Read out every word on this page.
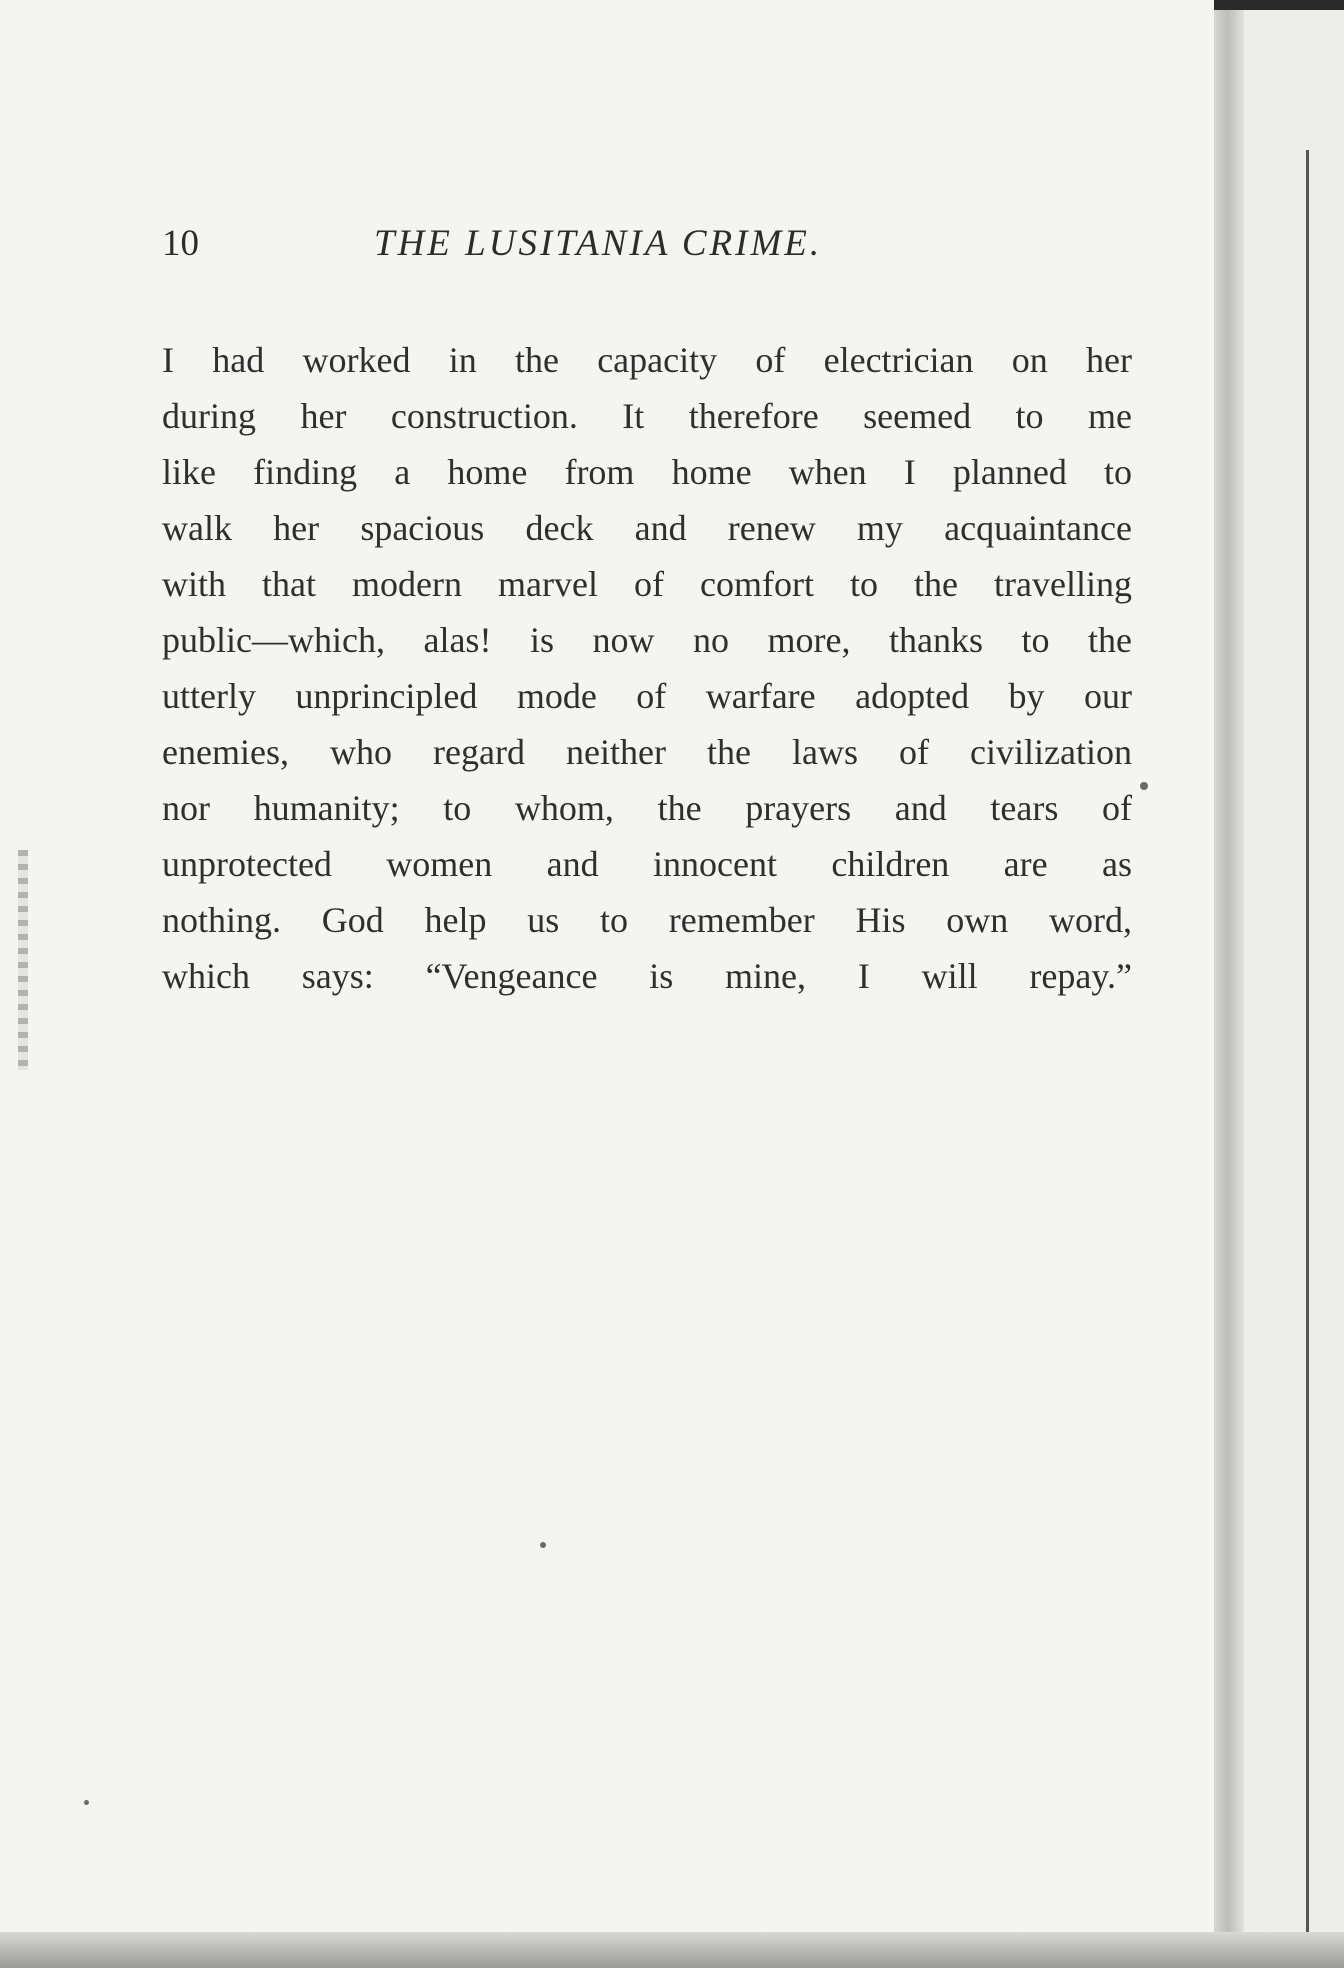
10	THE LUSITANIA CRIME.
I had worked in the capacity of electrician on her
during her construction. It therefore seemed to me
like finding a home from home when I planned to
walk her spacious deck and renew my acquaintance
with that modern marvel of comfort to the travelling
public—which, alas! is now no more, thanks to the
utterly unprincipled mode of warfare adopted by our
enemies, who regard neither the laws of civilization
nor humanity; to whom, the prayers and tears of
unprotected women and innocent children are as
nothing. God help us to remember His own word,
which says: “Vengeance is mine, I will repay.”
